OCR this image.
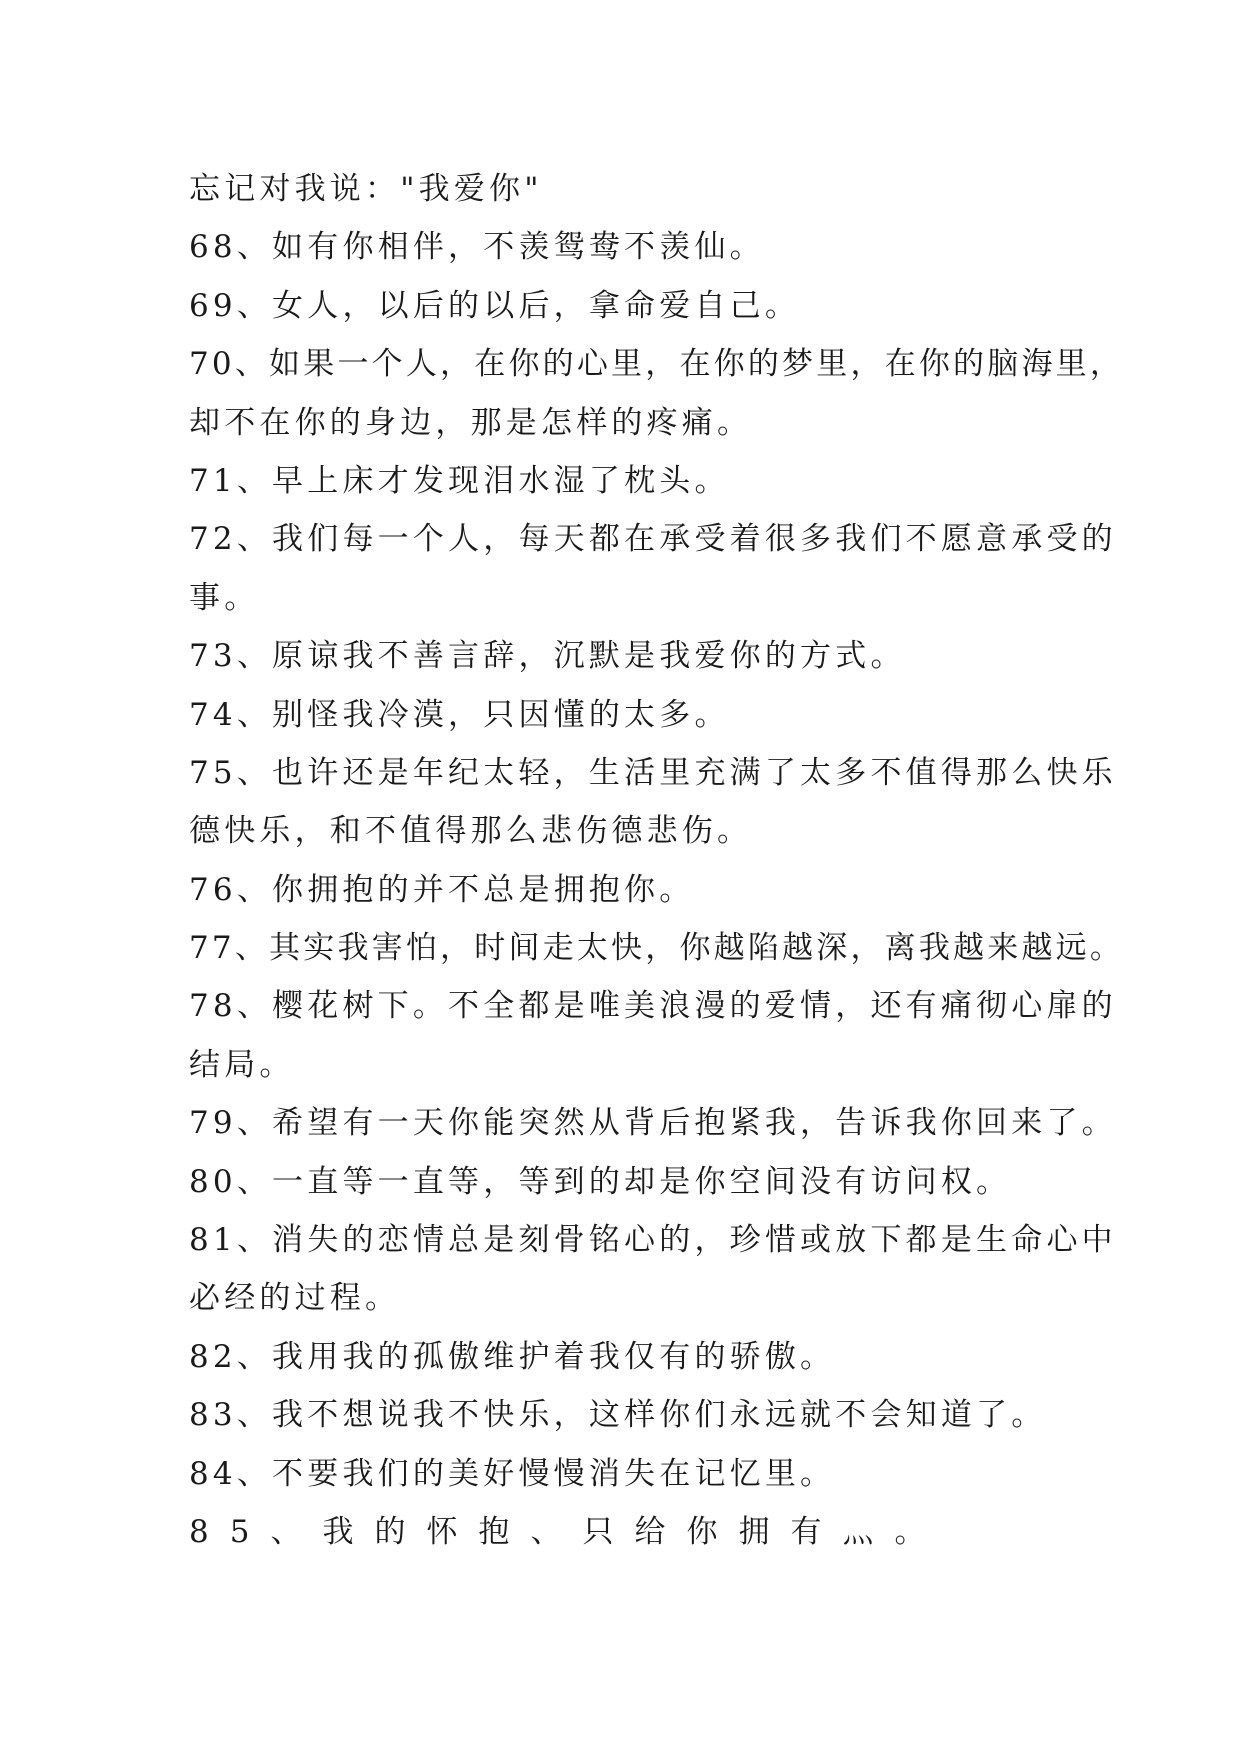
忘记对我说："我爱你"
68、如有你相伴，不羡鸳鸯不羡仙。
69、女人，以后的以后，拿命爱自己。
70、如果一个人，在你的心里，在你的梦里，在你的脑海里，
却不在你的身边，那是怎样的疼痛。
71、早上床才发现泪水湿了枕头。
72、我们每一个人，每天都在承受着很多我们不愿意承受的
事。
73、原谅我不善言辞，沉默是我爱你的方式。
74、别怪我冷漠，只因懂的太多。
75、也许还是年纪太轻，生活里充满了太多不值得那么快乐
德快乐，和不值得那么悲伤德悲伤。
76、你拥抱的并不总是拥抱你。
77、其实我害怕，时间走太快，你越陷越深，离我越来越远。
78、樱花树下。不全都是唯美浪漫的爱情，还有痛彻心扉的
结局。
79、希望有一天你能突然从背后抱紧我，告诉我你回来了。
80、一直等一直等，等到的却是你空间没有访问权。
81、消失的恋情总是刻骨铭心的，珍惜或放下都是生命心中
必经的过程。
82、我用我的孤傲维护着我仅有的骄傲。
83、我不想说我不快乐，这样你们永远就不会知道了。
84、不要我们的美好慢慢消失在记忆里。
85、我的怀抱、只给你拥有灬。
